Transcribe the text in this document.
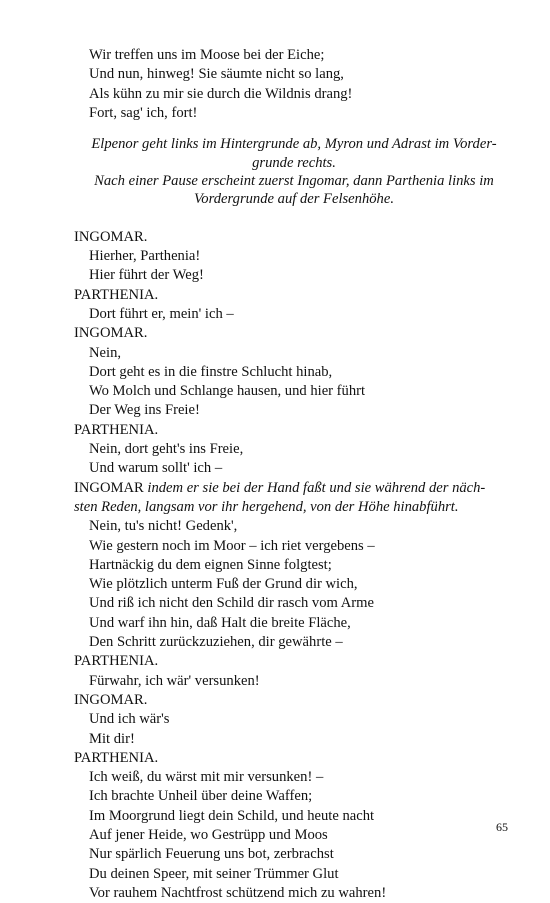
Wir treffen uns im Moose bei der Eiche;
Und nun, hinweg! Sie säumte nicht so lang,
Als kühn zu mir sie durch die Wildnis drang!
Fort, sag' ich, fort!
Elpenor geht links im Hintergrunde ab, Myron und Adrast im Vorder-
grunde rechts.
Nach einer Pause erscheint zuerst Ingomar, dann Parthenia links im
Vordergrunde auf der Felsenhöhe.
INGOMAR.
Hierher, Parthenia!
Hier führt der Weg!
PARTHENIA.
Dort führt er, mein' ich –
INGOMAR.
Nein,
Dort geht es in die finstre Schlucht hinab,
Wo Molch und Schlange hausen, und hier führt
Der Weg ins Freie!
PARTHENIA.
Nein, dort geht's ins Freie,
Und warum sollt' ich –
INGOMAR indem er sie bei der Hand faßt und sie während der näch-
sten Reden, langsam vor ihr hergehend, von der Höhe hinabführt.
Nein, tu's nicht! Gedenk',
Wie gestern noch im Moor – ich riet vergebens –
Hartnäckig du dem eignen Sinne folgtest;
Wie plötzlich unterm Fuß der Grund dir wich,
Und riß ich nicht den Schild dir rasch vom Arme
Und warf ihn hin, daß Halt die breite Fläche,
Den Schritt zurückzuziehen, dir gewährte –
PARTHENIA.
Fürwahr, ich wär' versunken!
INGOMAR.
Und ich wär's
Mit dir!
PARTHENIA.
Ich weiß, du wärst mit mir versunken! –
Ich brachte Unheil über deine Waffen;
Im Moorgrund liegt dein Schild, und heute nacht
Auf jener Heide, wo Gestrüpp und Moos
Nur spärlich Feuerung uns bot, zerbrachst
Du deinen Speer, mit seiner Trümmer Glut
Vor rauhem Nachtfrost schützend mich zu wahren!
65
